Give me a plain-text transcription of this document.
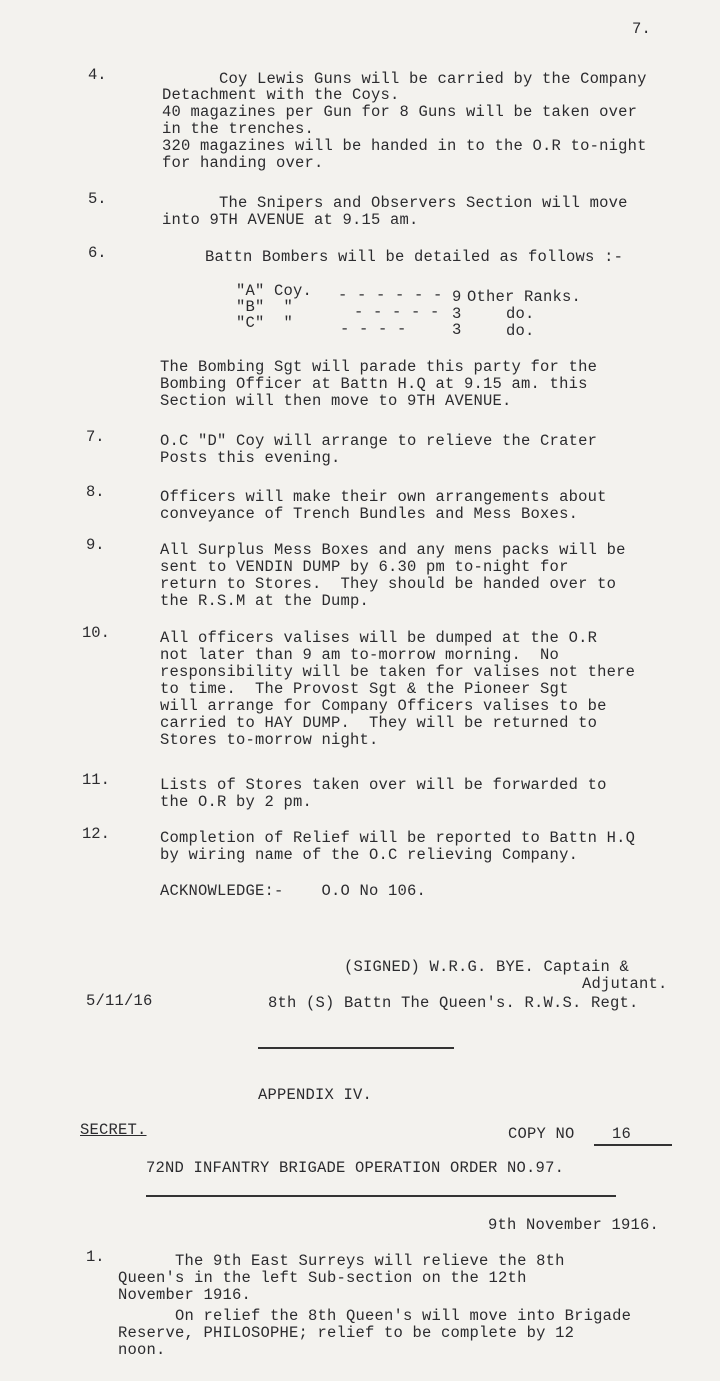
7.
4.	Coy Lewis Guns will be carried by the Company
Detachment with the Coys.
40 magazines per Gun for 8 Guns will be taken over
in the trenches.
320 magazines will be handed in to the O.R to-night
for handing over.
5.	The Snipers and Observers Section will move
into 9TH AVENUE at 9.15 am.
6.	Battn Bombers will be detailed as follows :-
"A" Coy. - - - - - - 9 Other Ranks.
"B"  "	- - - - - 3	do.
"C"  "	- - - -	3	do.
The Bombing Sgt will parade this party for the
Bombing Officer at Battn H.Q at 9.15 am. this
Section will then move to 9TH AVENUE.
7.	O.C "D" Coy will arrange to relieve the Crater
Posts this evening.
8.	Officers will make their own arrangements about
conveyance of Trench Bundles and Mess Boxes.
9.	All Surplus Mess Boxes and any mens packs will be
sent to VENDIN DUMP by 6.30 pm to-night for
return to Stores.  They should be handed over to
the R.S.M at the Dump.
10.	All officers valises will be dumped at the O.R
not later than 9 am to-morrow morning.  No
responsibility will be taken for valises not there
to time.  The Provost Sgt & the Pioneer Sgt
will arrange for Company Officers valises to be
carried to HAY DUMP.  They will be returned to
Stores to-morrow night.
11.	Lists of Stores taken over will be forwarded to
the O.R by 2 pm.
12.	Completion of Relief will be reported to Battn H.Q
by wiring name of the O.C relieving Company.
ACKNOWLEDGE:-    O.O No 106.
(SIGNED) W.R.G. BYE. Captain &
Adjutant.
5/11/16	8th (S) Battn The Queen's. R.W.S. Regt.
APPENDIX IV.
SECRET.	COPY NO 16
72ND INFANTRY BRIGADE OPERATION ORDER NO.97.
9th November 1916.
1. The 9th East Surreys will relieve the 8th
Queen's in the left Sub-section on the 12th
November 1916.
On relief the 8th Queen's will move into Brigade
Reserve, PHILOSOPHE; relief to be complete by 12
noon.
